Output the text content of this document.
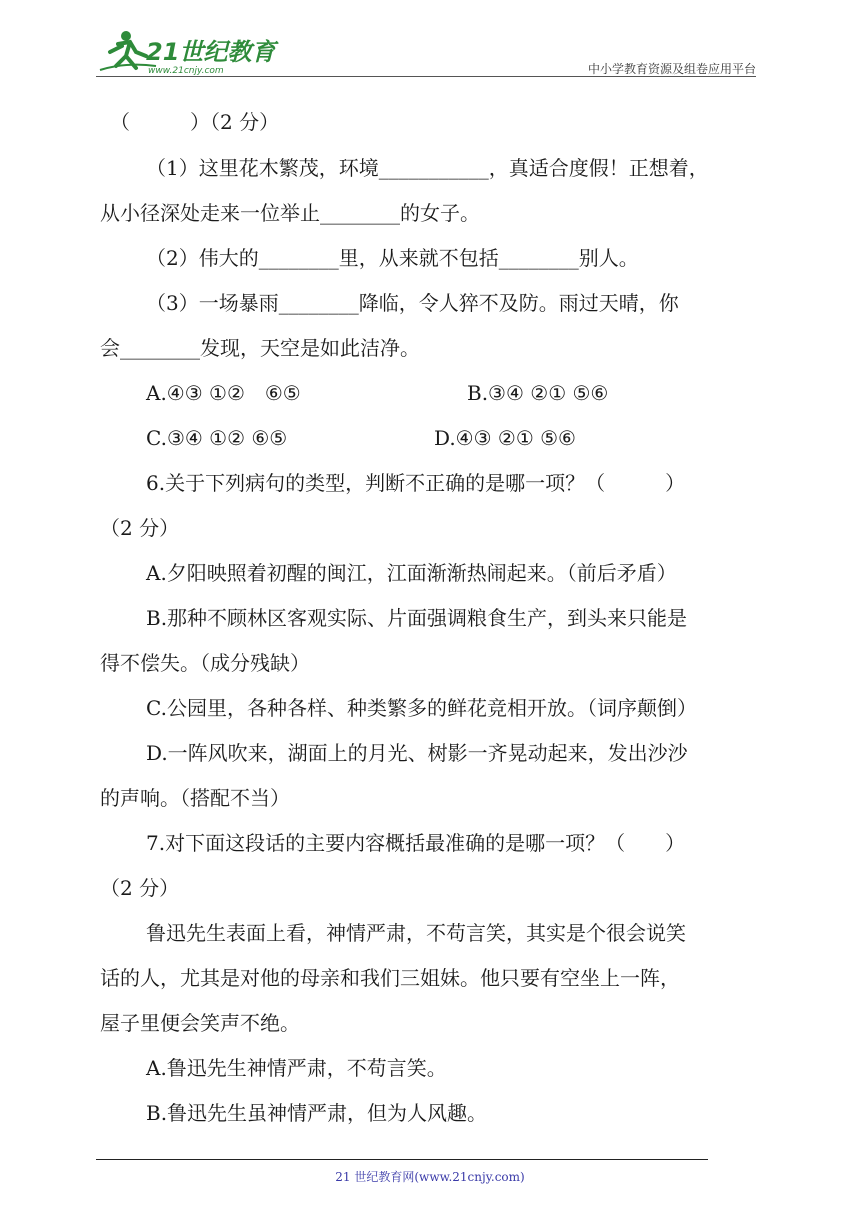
21世纪教育
www.21cnjy.com	中小学教育资源及组卷应用平台
（　　　）（2 分）
（1）这里花木繁茂，环境___________，真适合度假！正想着，
从小径深处走来一位举止________的女子。
（2）伟大的________里，从来就不包括________别人。
（3）一场暴雨________降临，令人猝不及防。雨过天晴，你
会________发现，天空是如此洁净。
A.④③ ①②　⑥⑤	B.③④ ②① ⑤⑥
C.③④ ①② ⑥⑤	D.④③ ②① ⑤⑥
6.关于下列病句的类型，判断不正确的是哪一项？（　　　）
（2 分）
A.夕阳映照着初醒的闽江，江面渐渐热闹起来。（前后矛盾）
B.那种不顾林区客观实际、片面强调粮食生产，到头来只能是
得不偿失。（成分残缺）
C.公园里，各种各样、种类繁多的鲜花竞相开放。（词序颠倒）
D.一阵风吹来，湖面上的月光、树影一齐晃动起来，发出沙沙
的声响。（搭配不当）
7.对下面这段话的主要内容概括最准确的是哪一项？（　　）
（2 分）
鲁迅先生表面上看，神情严肃，不苟言笑，其实是个很会说笑
话的人，尤其是对他的母亲和我们三姐妹。他只要有空坐上一阵，
屋子里便会笑声不绝。
A.鲁迅先生神情严肃，不苟言笑。
B.鲁迅先生虽神情严肃，但为人风趣。
21 世纪教育网(www.21cnjy.com)
